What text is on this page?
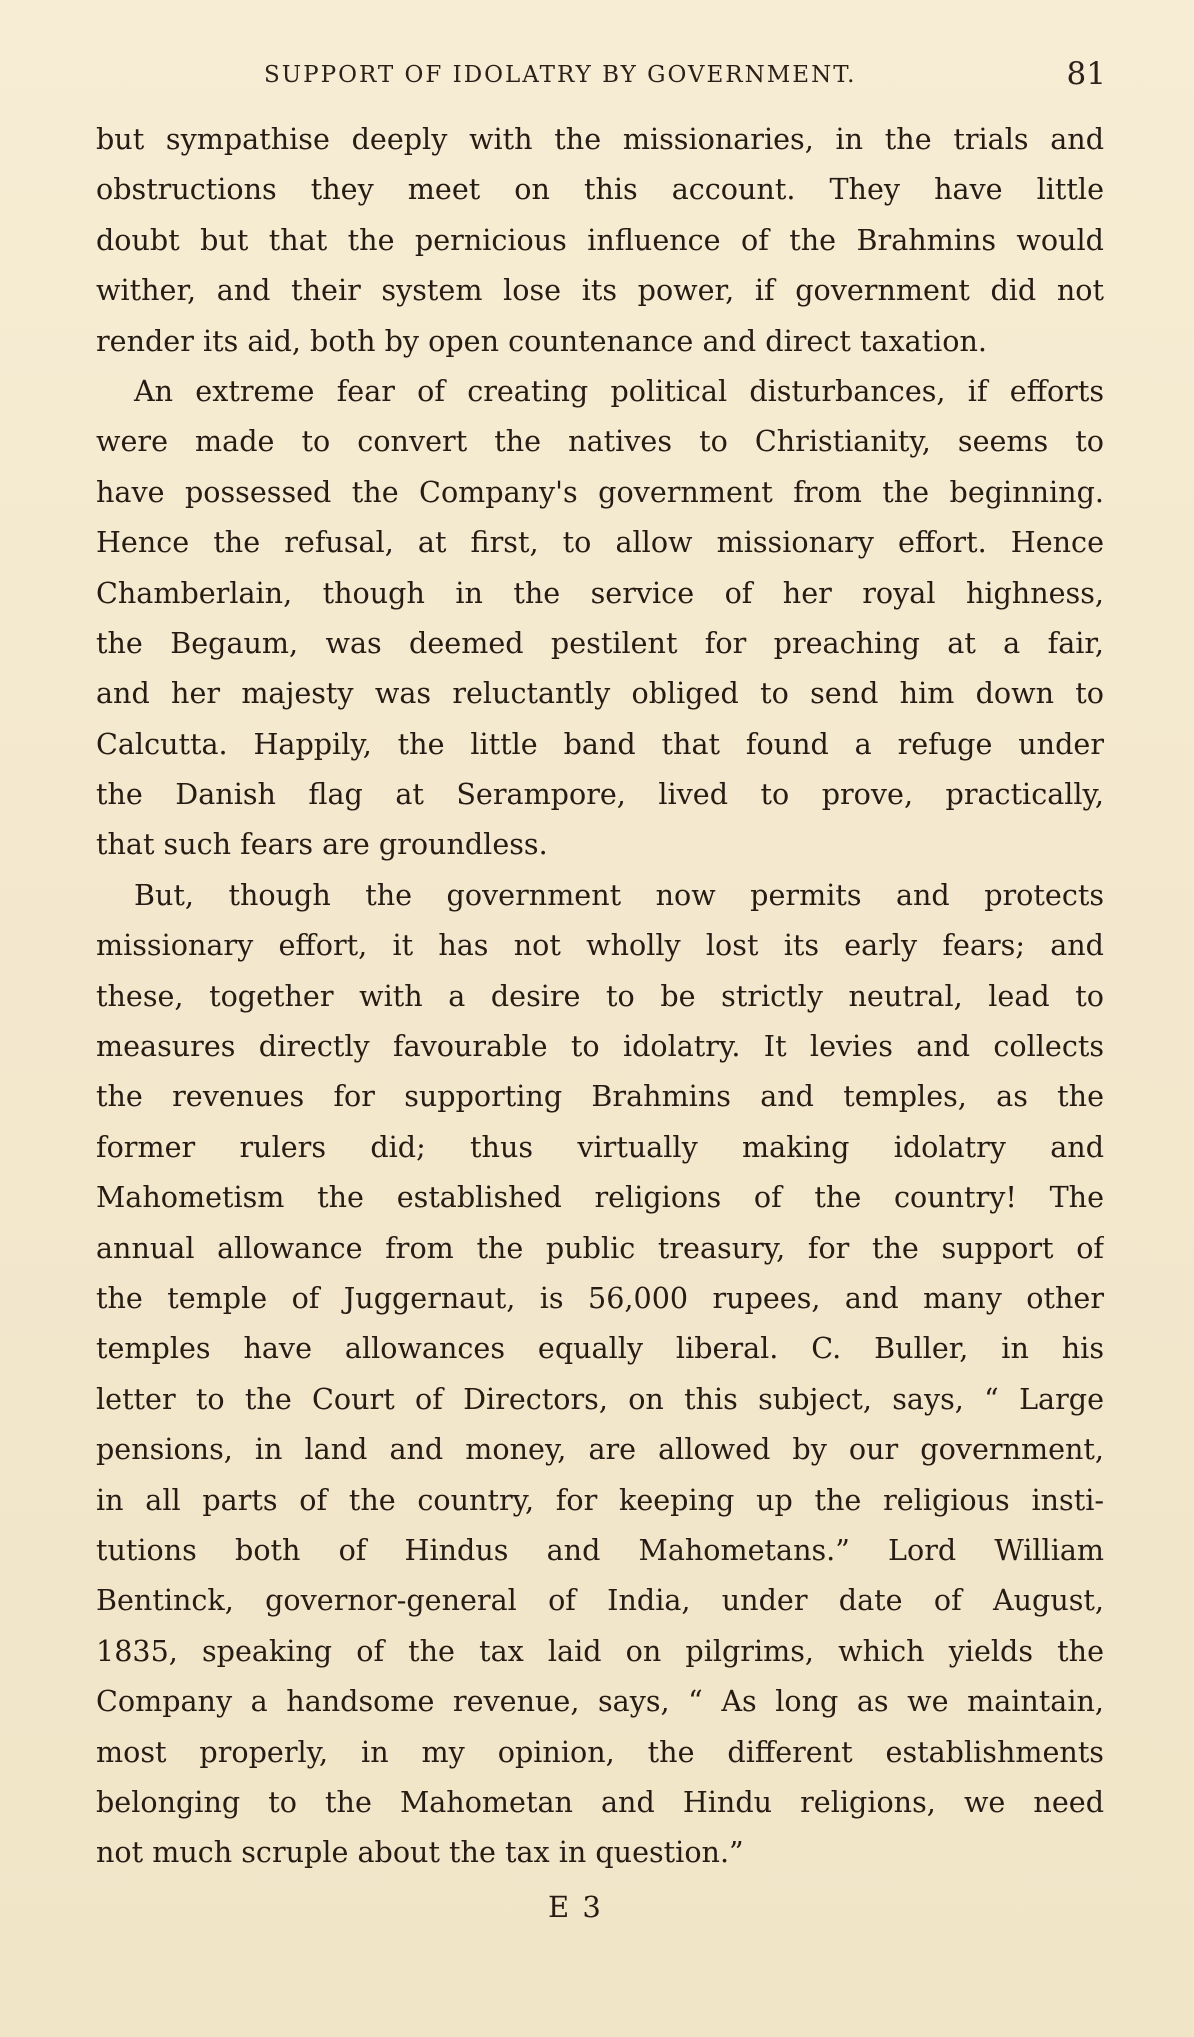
SUPPORT OF IDOLATRY BY GOVERNMENT.	81
but sympathise deeply with the missionaries, in the trials and
obstructions they meet on this account. They have little
doubt but that the pernicious influence of the Brahmins would
wither, and their system lose its power, if government did not
render its aid, both by open countenance and direct taxation.
An extreme fear of creating political disturbances, if efforts
were made to convert the natives to Christianity, seems to
have possessed the Company's government from the beginning.
Hence the refusal, at first, to allow missionary effort. Hence
Chamberlain, though in the service of her royal highness,
the Begaum, was deemed pestilent for preaching at a fair,
and her majesty was reluctantly obliged to send him down to
Calcutta. Happily, the little band that found a refuge under
the Danish flag at Serampore, lived to prove, practically,
that such fears are groundless.
But, though the government now permits and protects
missionary effort, it has not wholly lost its early fears; and
these, together with a desire to be strictly neutral, lead to
measures directly favourable to idolatry. It levies and collects
the revenues for supporting Brahmins and temples, as the
former rulers did; thus virtually making idolatry and
Mahometism the established religions of the country! The
annual allowance from the public treasury, for the support of
the temple of Juggernaut, is 56,000 rupees, and many other
temples have allowances equally liberal. C. Buller, in his
letter to the Court of Directors, on this subject, says, “ Large
pensions, in land and money, are allowed by our government,
in all parts of the country, for keeping up the religious insti-
tutions both of Hindus and Mahometans.” Lord William
Bentinck, governor-general of India, under date of August,
1835, speaking of the tax laid on pilgrims, which yields the
Company a handsome revenue, says, “ As long as we maintain,
most properly, in my opinion, the different establishments
belonging to the Mahometan and Hindu religions, we need
not much scruple about the tax in question.”
E 3
